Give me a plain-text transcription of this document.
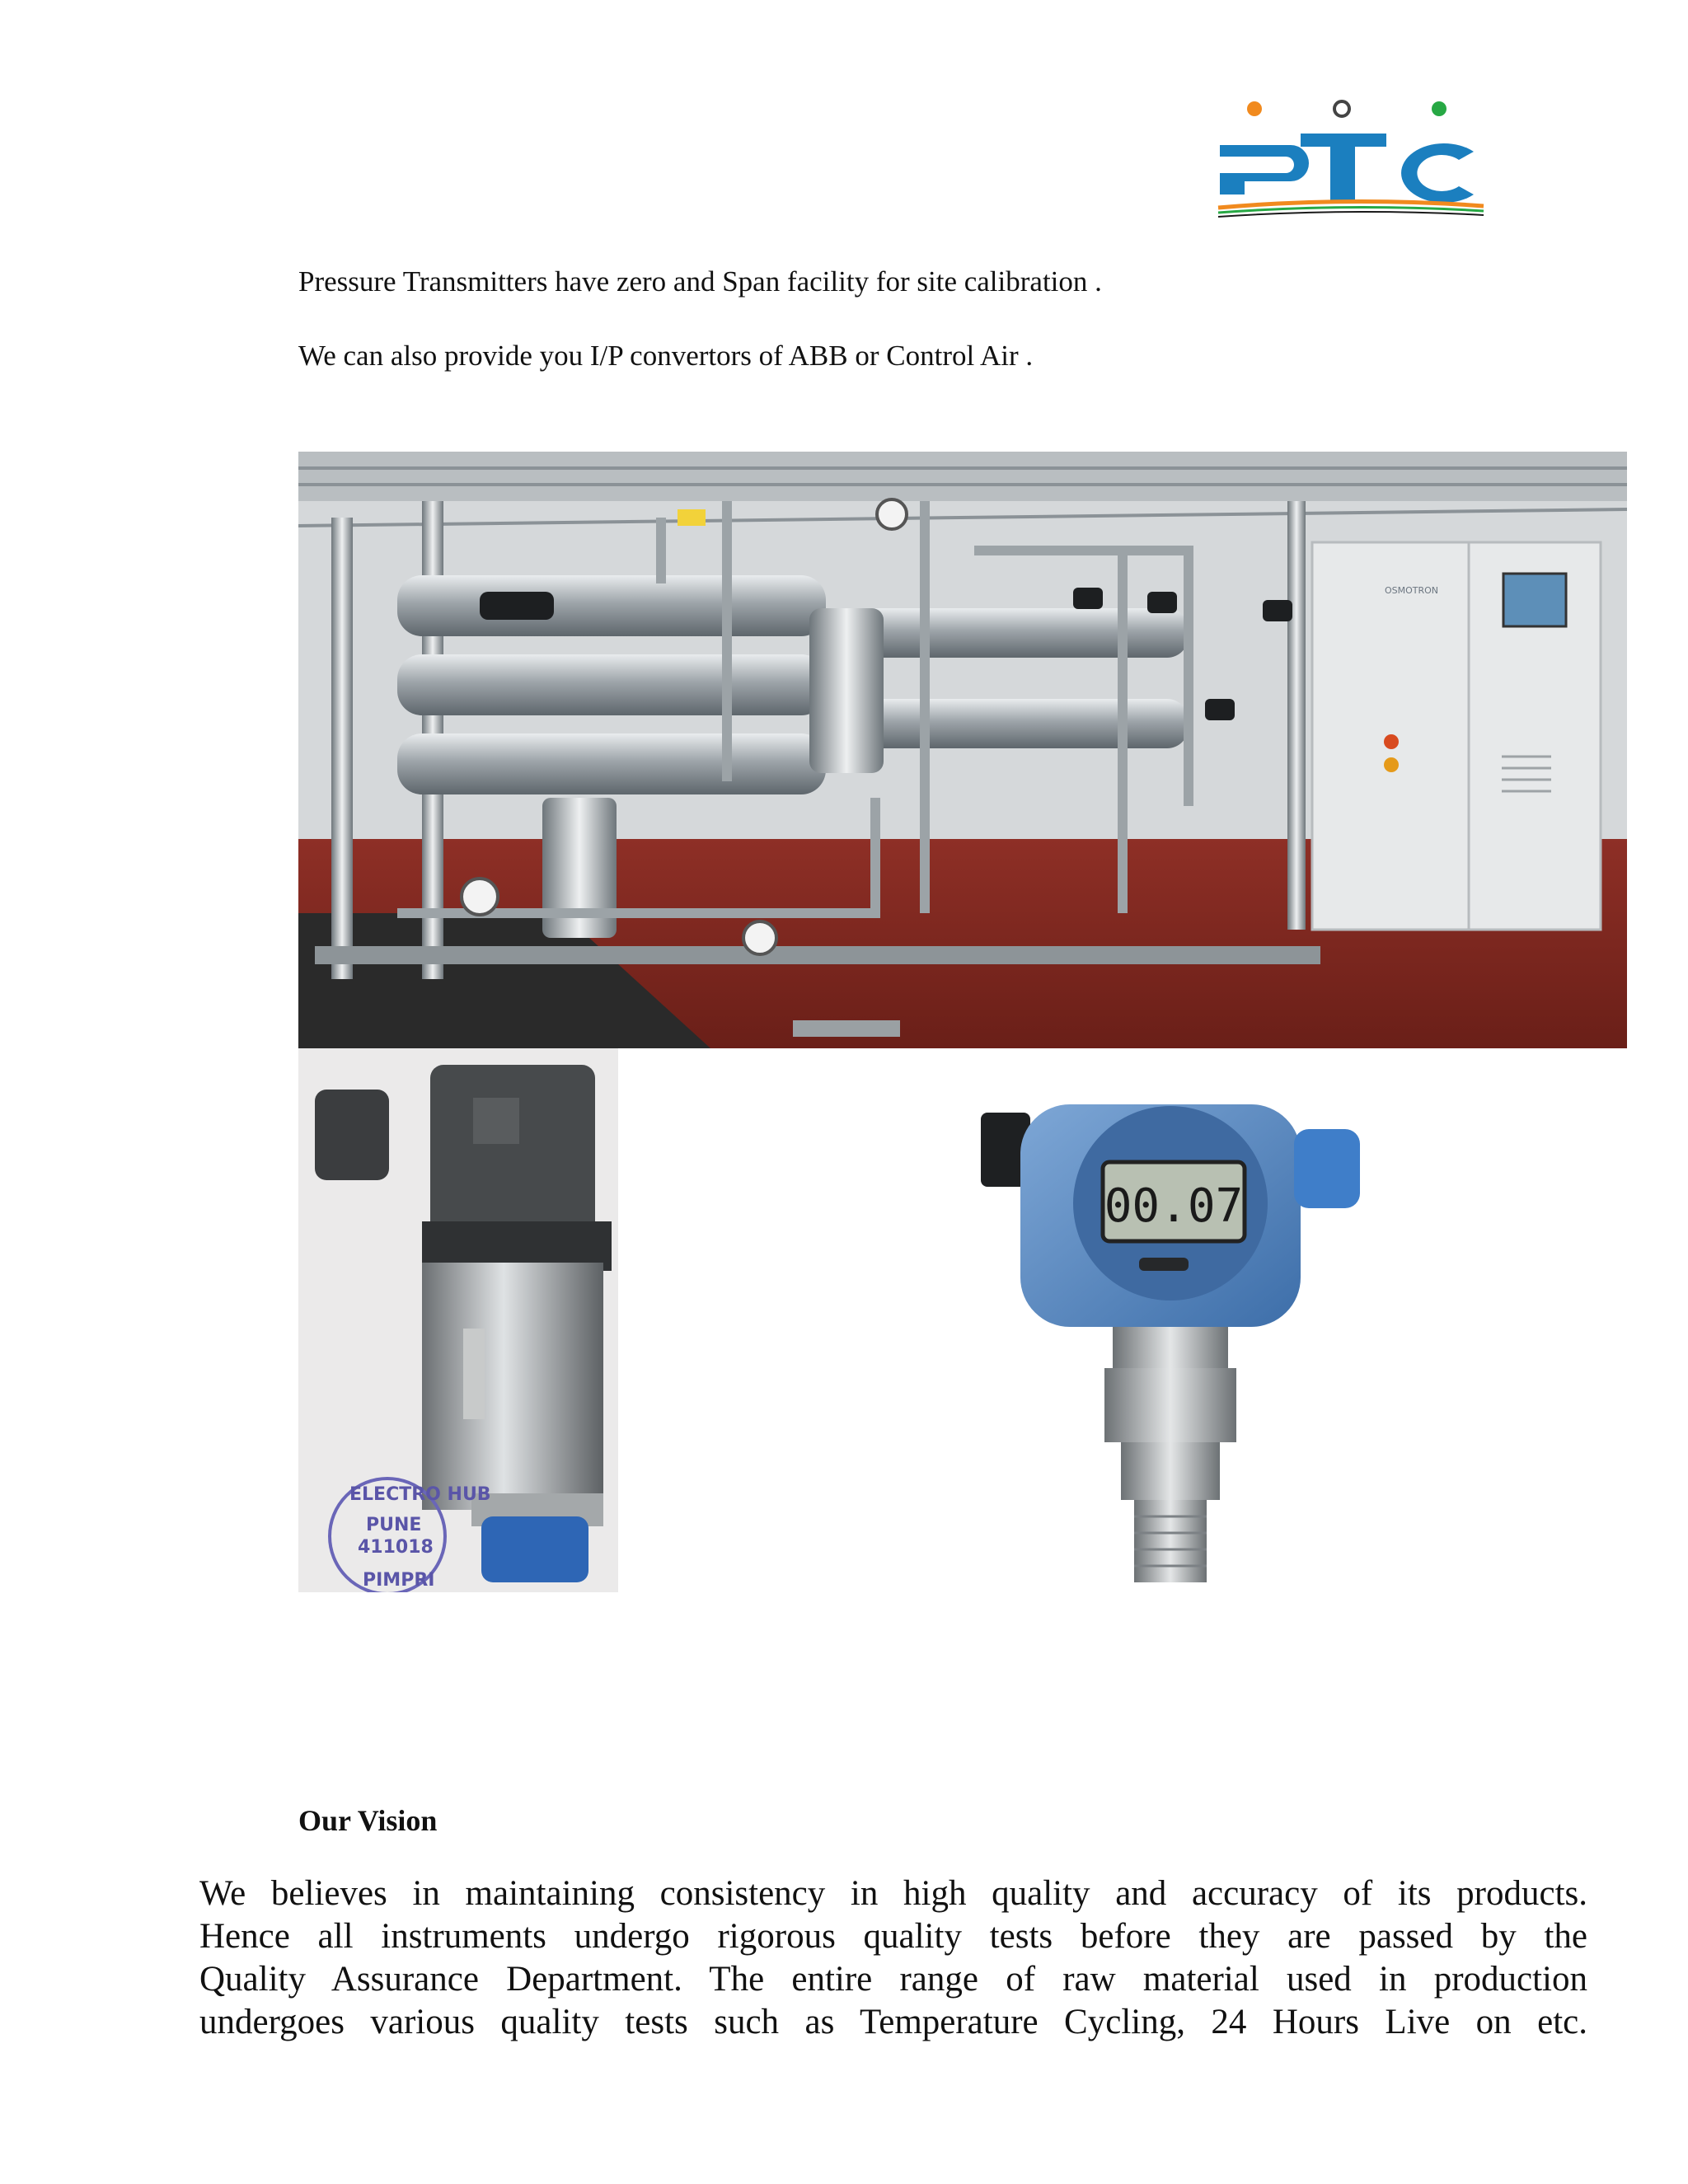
Pressure Transmitters have zero and Span facility for site calibration .
We can also provide you I/P convertors of ABB or Control Air .
OSMOTRON
ELECTRO HUB
PUNE
411018
PIMPRI
00.07
Our Vision
We believes in maintaining consistency in high quality and accuracy of its products.
Hence all instruments undergo rigorous quality tests before they are passed by the
Quality Assurance Department. The entire range of raw material used in production
undergoes various quality tests such as Temperature Cycling, 24 Hours Live on etc.
